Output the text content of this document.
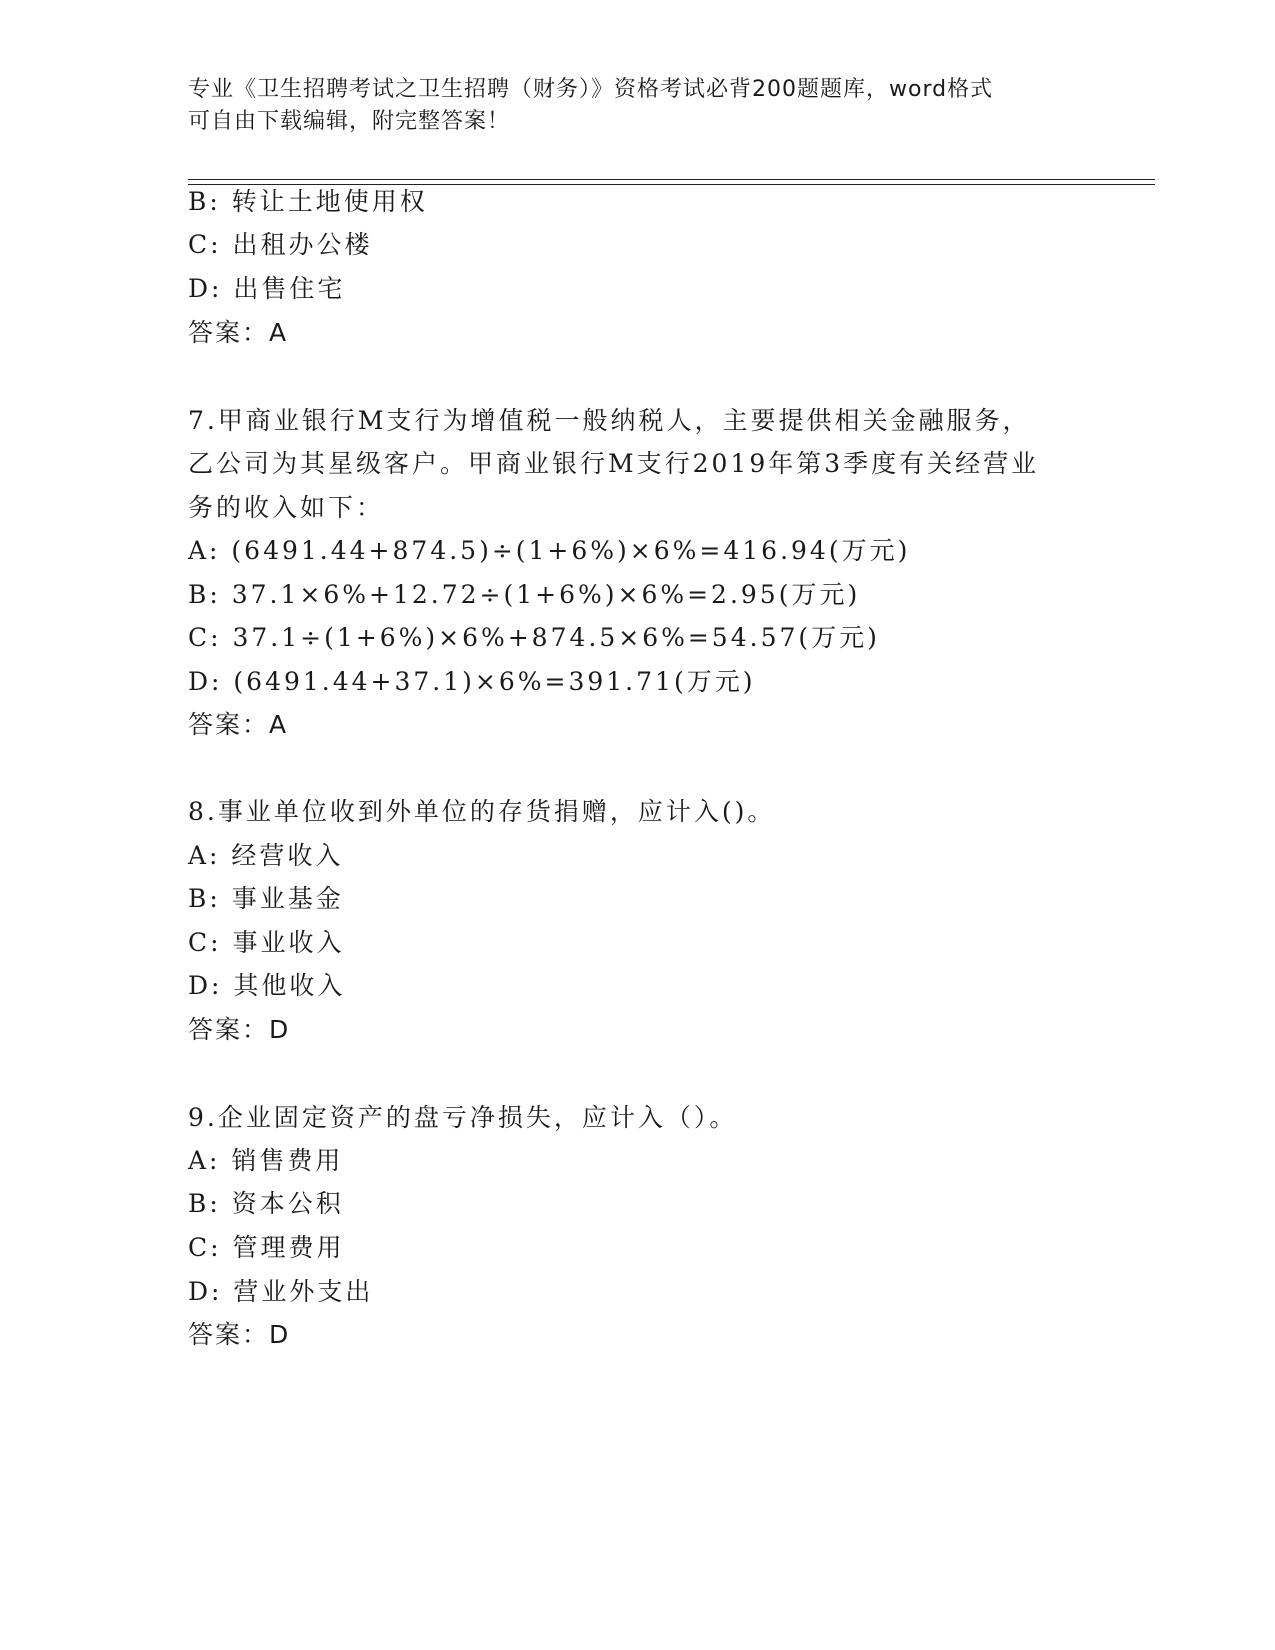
专业《卫生招聘考试之卫生招聘（财务）》资格考试必背200题题库，word格式
可自由下载编辑，附完整答案！
B: 转让土地使用权
C: 出租办公楼
D: 出售住宅
答案：A
7.甲商业银行M支行为增值税一般纳税人，主要提供相关金融服务，
乙公司为其星级客户。甲商业银行M支行2019年第3季度有关经营业
务的收入如下：
A: (6491.44+874.5)÷(1+6%)×6%=416.94(万元)
B: 37.1×6%+12.72÷(1+6%)×6%=2.95(万元)
C: 37.1÷(1+6%)×6%+874.5×6%=54.57(万元)
D: (6491.44+37.1)×6%=391.71(万元)
答案：A
8.事业单位收到外单位的存货捐赠，应计入()。
A: 经营收入
B: 事业基金
C: 事业收入
D: 其他收入
答案：D
9.企业固定资产的盘亏净损失，应计入（）。
A: 销售费用
B: 资本公积
C: 管理费用
D: 营业外支出
答案：D
